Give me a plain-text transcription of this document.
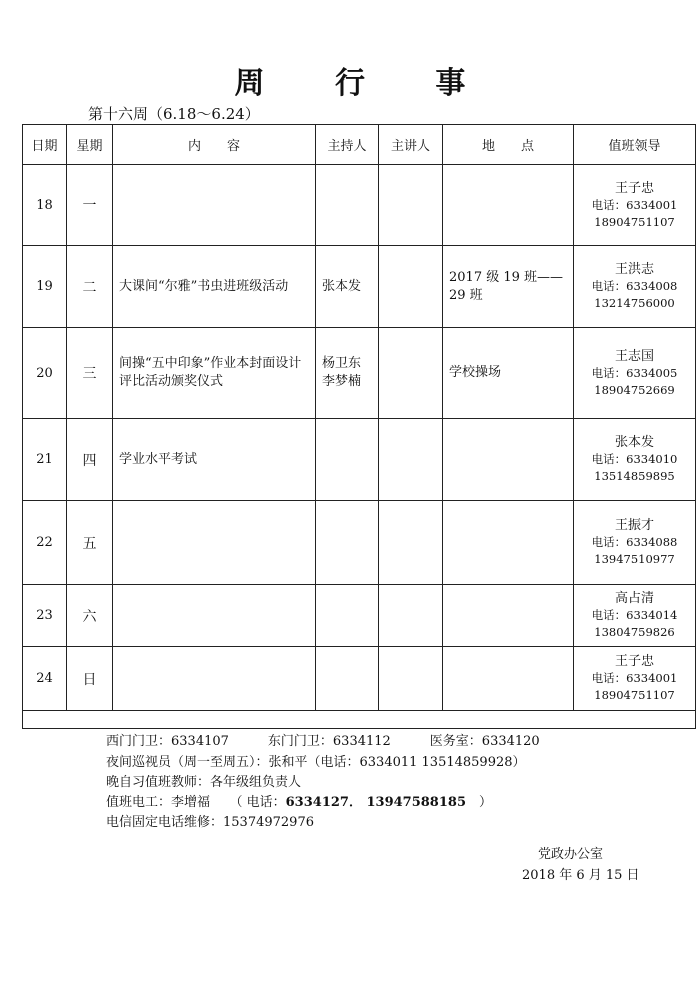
周 行 事
第十六周（6.18～6.24）
日期	星期	内　　容	主持人	主讲人	地　　点	值班领导
18	一					王子忠
电话：6334001
18904751107

19	二	大课间“尔雅”书虫进班级活动	张本发		2017 级 19 班——29 班	王洪志
电话：6334008
13214756000

20	三	间操“五中印象”作业本封面设计评比活动颁奖仪式	杨卫东 李梦楠		学校操场	王志国
电话：6334005
18904752669

21	四	学业水平考试				张本发
电话：6334010
13514859895

22	五					王振才
电话：6334088
13947510977

23	六					高占清
电话：6334014
13804759826

24	日					王子忠
电话：6334001
18904751107

西门门卫：6334107　　　东门门卫：6334112　　　医务室：6334120
夜间巡视员（周一至周五）：张和平（电话：6334011 13514859928）
晚自习值班教师：各年级组负责人
值班电工：李增福　　（ 电话：6334127． 13947588185　）
电信固定电话维修：15374972976
党政办公室
2018 年 6 月 15 日
